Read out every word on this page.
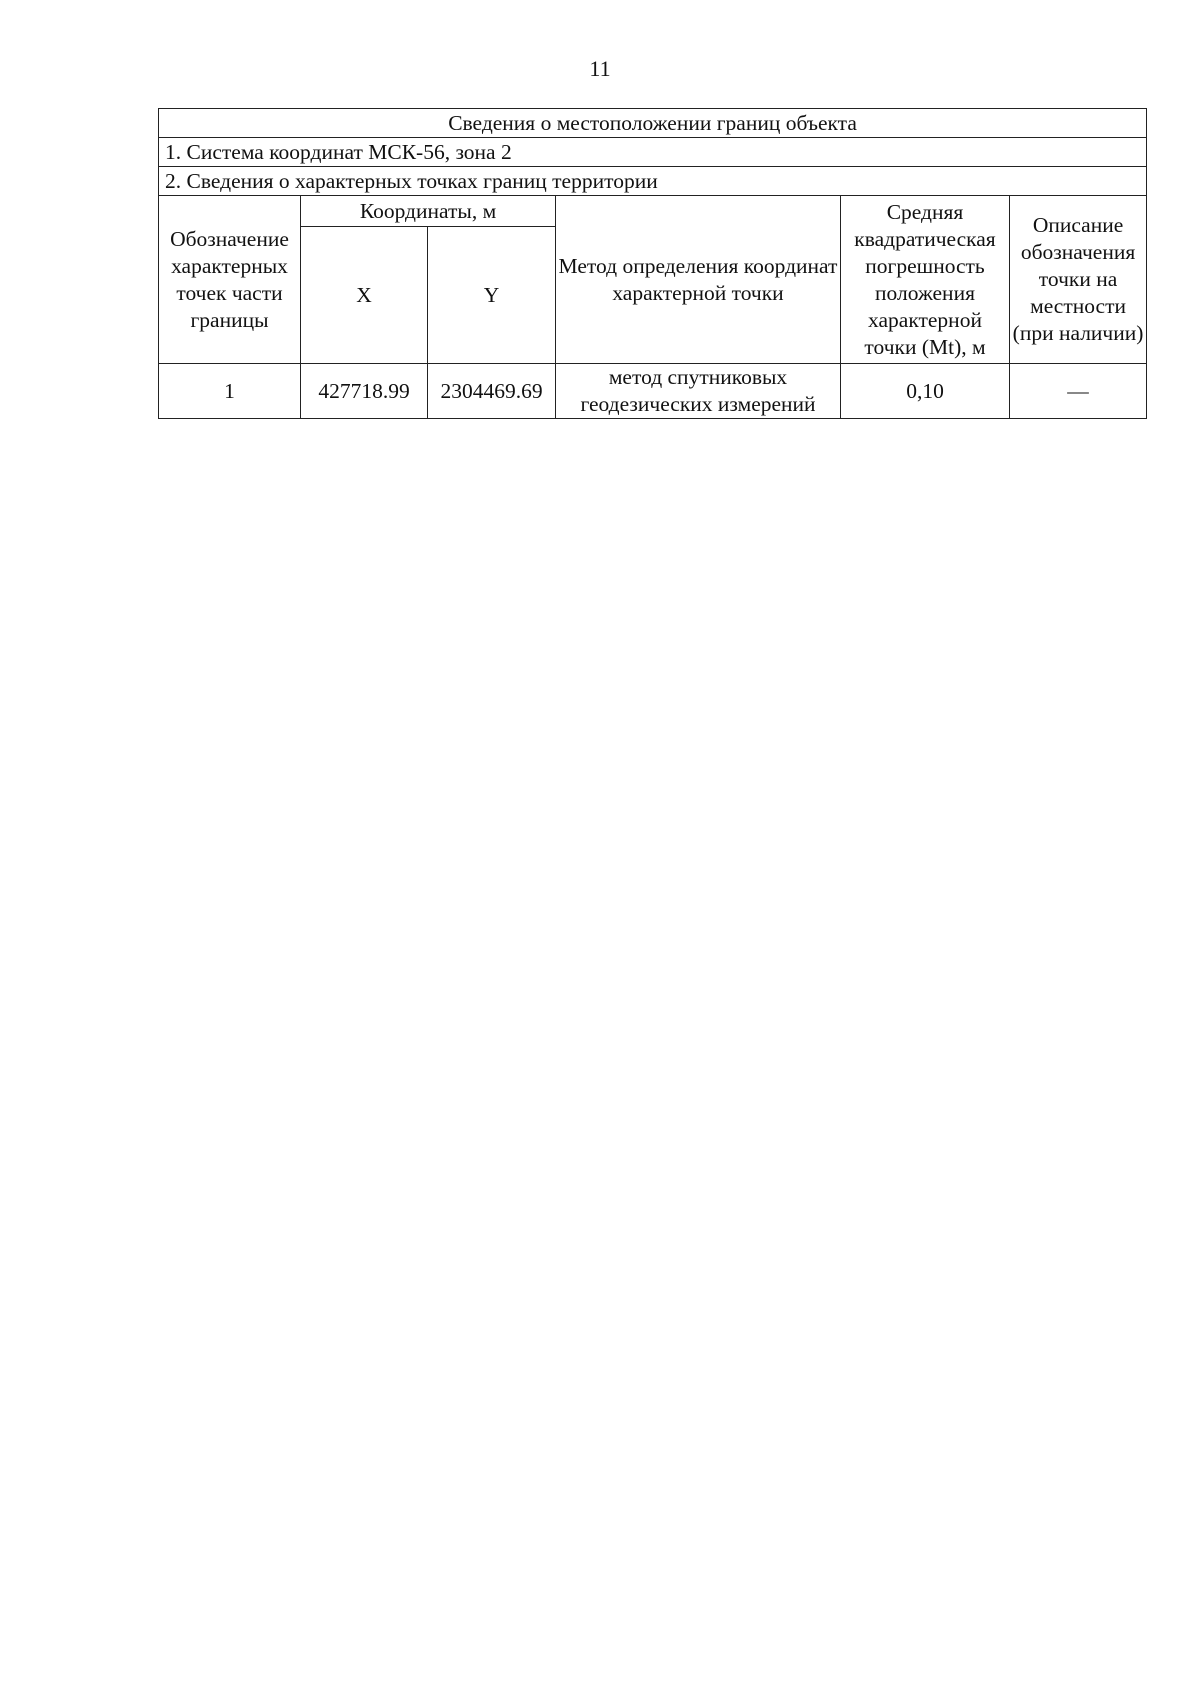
11
Сведения о местоположении границ объекта					
1. Система координат МСК-56, зона 2					
2. Сведения о характерных точках границ территории					
Обозначение характерных точек части границы	Координаты, м		Метод определения координат характерной точки	Средняя квадратическая погрешность положения характерной точки (Mt), м	Описание обозначения точки на местности (при наличии)
	X	Y			
1	427718.99	2304469.69	метод спутниковых геодезических измерений	0,10	—
